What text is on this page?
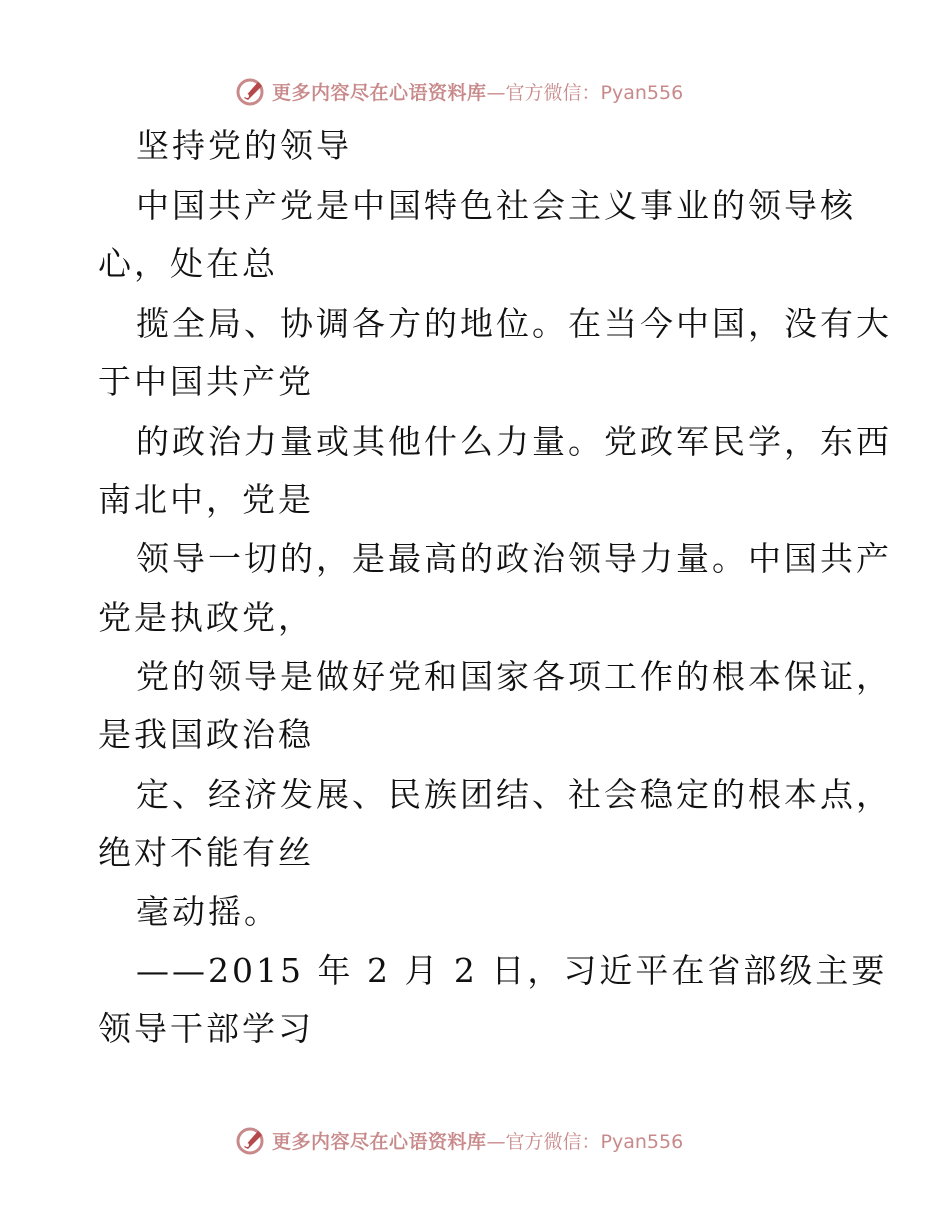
更多内容尽在心语资料库 —官方微信：Pyan556
坚持党的领导
中国共产党是中国特色社会主义事业的领导核
心，处在总
揽全局、协调各方的地位。在当今中国，没有大
于中国共产党
的政治力量或其他什么力量。党政军民学，东西
南北中，党是
领导一切的，是最高的政治领导力量。中国共产
党是执政党，
党的领导是做好党和国家各项工作的根本保证，
是我国政治稳
定、经济发展、民族团结、社会稳定的根本点，
绝对不能有丝
毫动摇。
——2015 年 2 月 2 日，习近平在省部级主要
领导干部学习
更多内容尽在心语资料库 —官方微信：Pyan556
